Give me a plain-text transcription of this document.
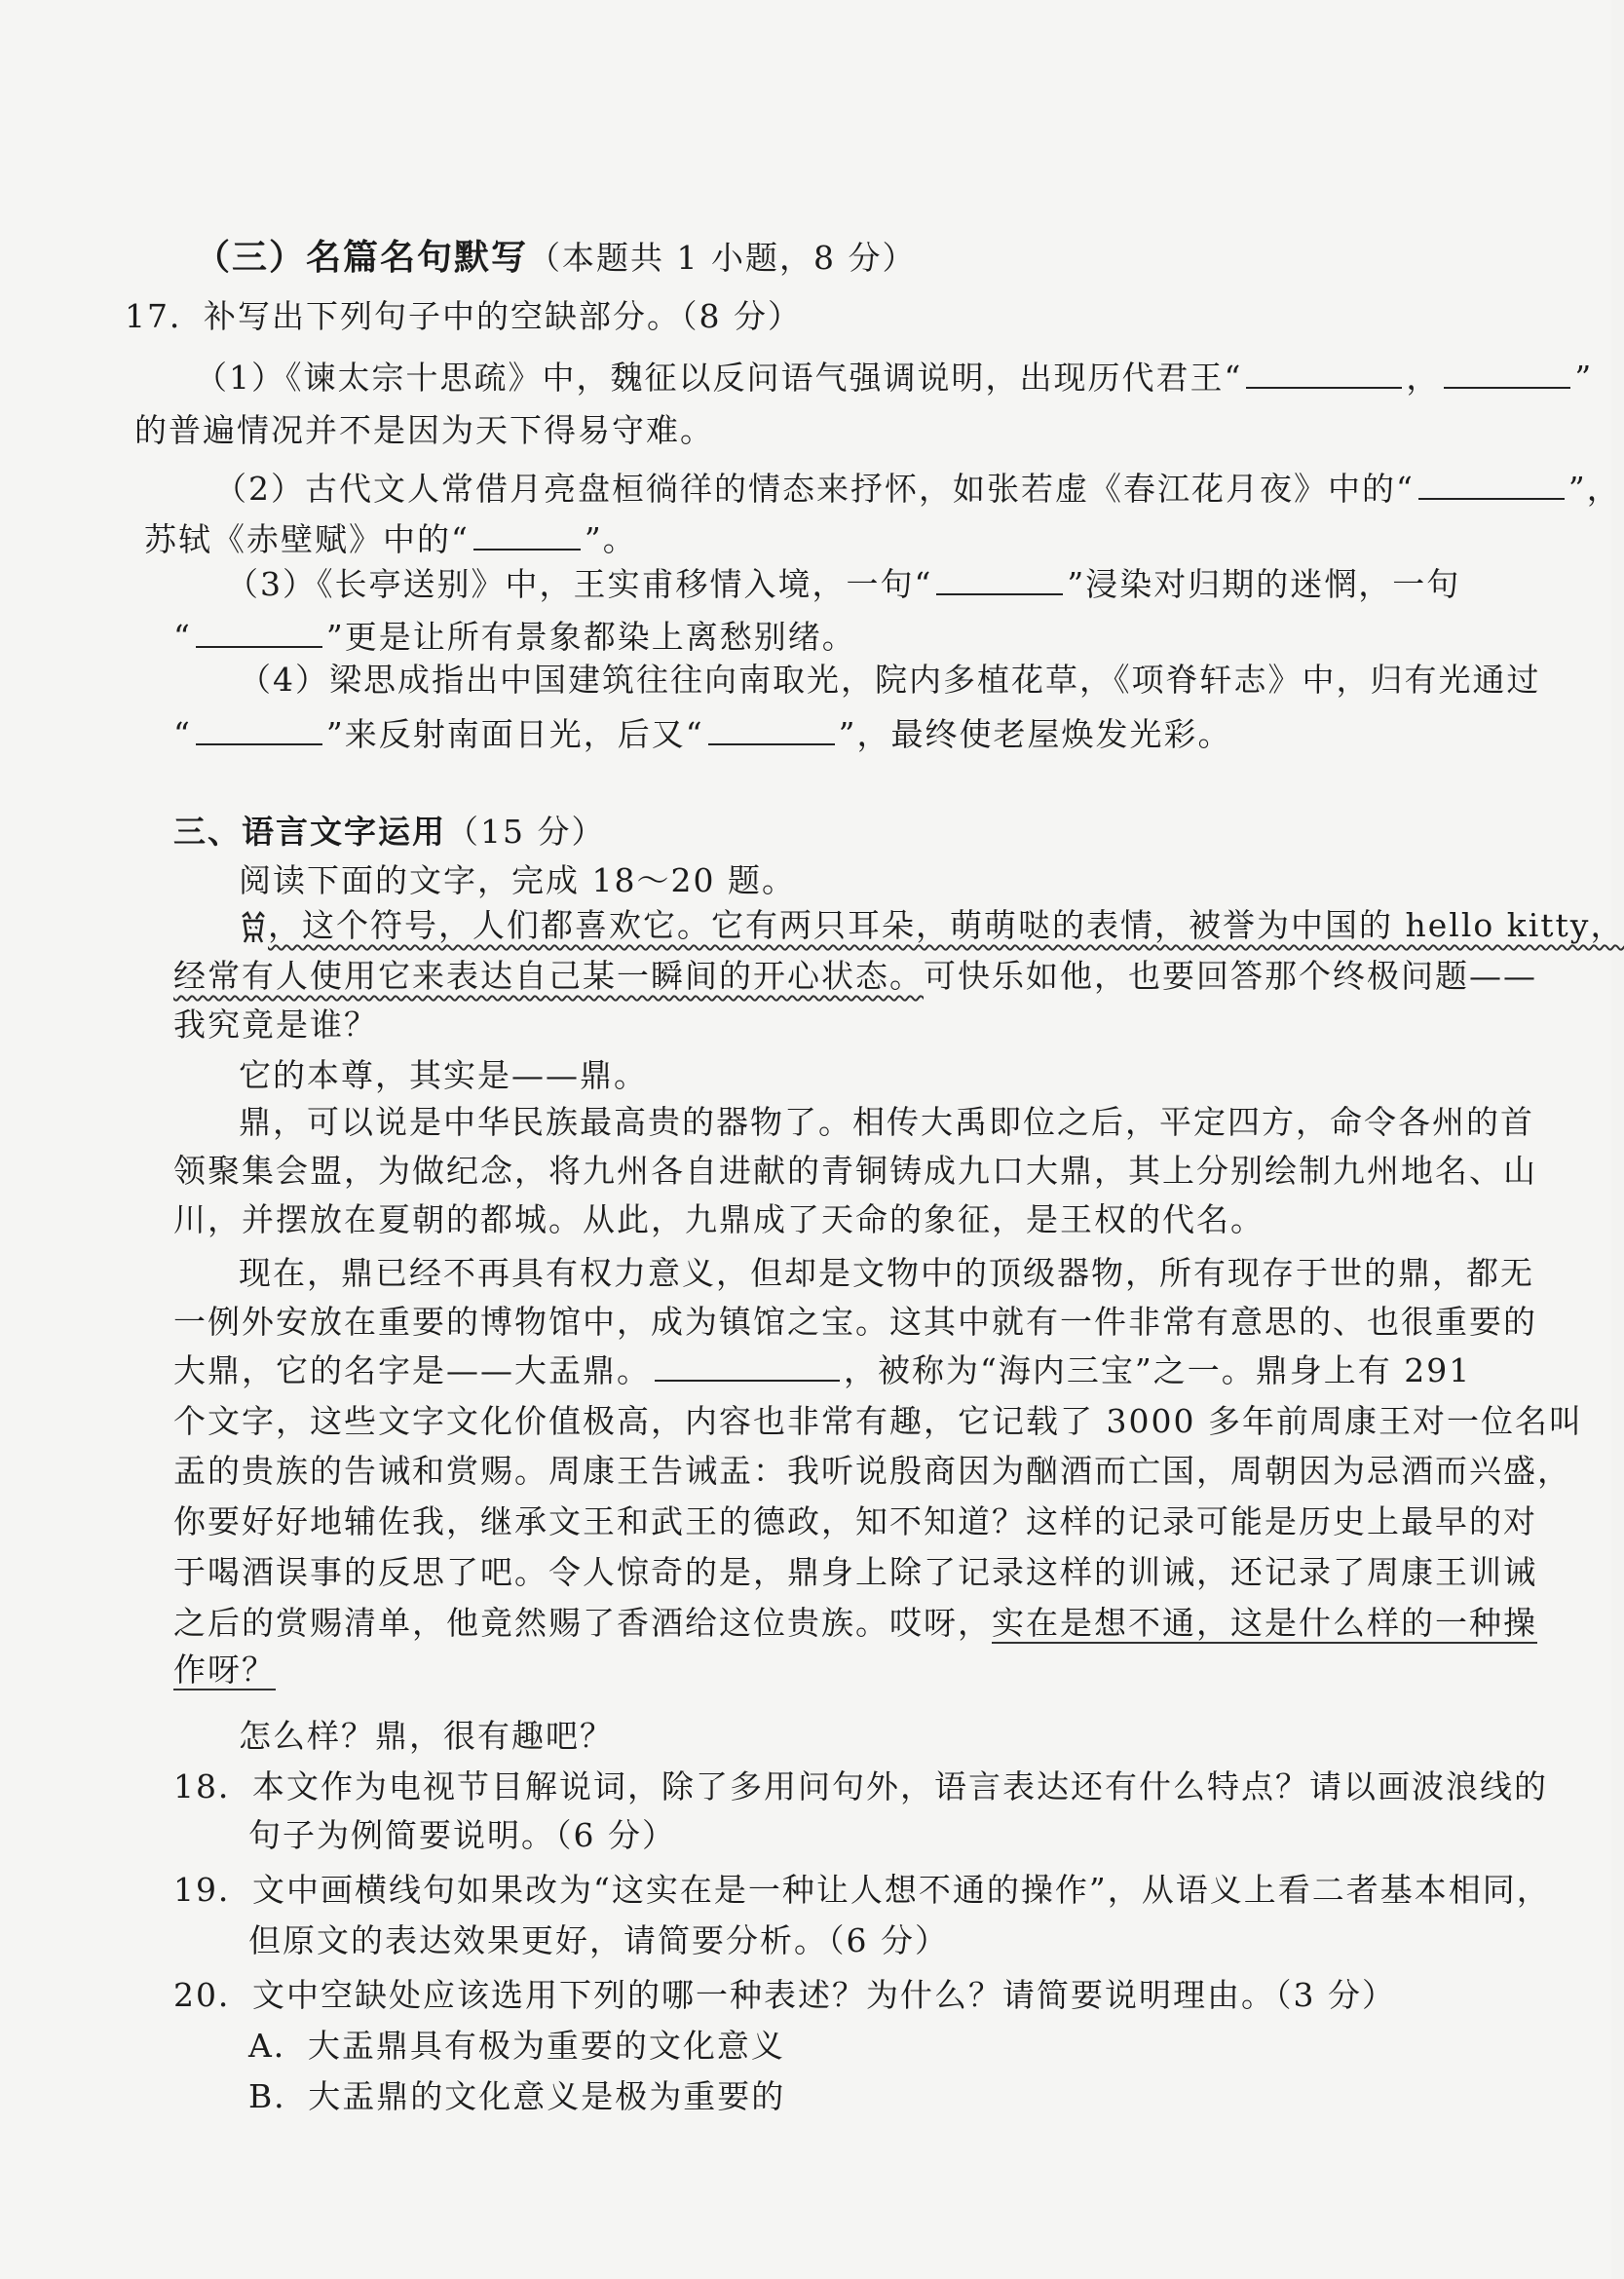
（三）名篇名句默写（本题共 1 小题，8 分）
17．补写出下列句子中的空缺部分。（8 分）
（1）《谏太宗十思疏》中，魏征以反问语气强调说明，出现历代君王“	，	”
的普遍情况并不是因为天下得易守难。
（2）古代文人常借月亮盘桓徜徉的情态来抒怀，如张若虚《春江花月夜》中的“	”，
苏轼《赤壁赋》中的“	”。
（3）《长亭送别》中，王实甫移情入境，一句“	”浸染对归期的迷惘，一句
“	”更是让所有景象都染上离愁别绪。
（4）梁思成指出中国建筑往往向南取光，院内多植花草，《项脊轩志》中，归有光通过
“	”来反射南面日光，后又“	”，最终使老屋焕发光彩。
三、语言文字运用（15 分）
阅读下面的文字，完成 18～20 题。
，这个符号，人们都喜欢它。它有两只耳朵，萌萌哒的表情，被誉为中国的 hello kitty，
经常有人使用它来表达自己某一瞬间的开心状态。可快乐如他，也要回答那个终极问题——
我究竟是谁？
它的本尊，其实是——鼎。
鼎，可以说是中华民族最高贵的器物了。相传大禹即位之后，平定四方，命令各州的首
领聚集会盟，为做纪念，将九州各自进献的青铜铸成九口大鼎，其上分别绘制九州地名、山
川，并摆放在夏朝的都城。从此，九鼎成了天命的象征，是王权的代名。
现在，鼎已经不再具有权力意义，但却是文物中的顶级器物，所有现存于世的鼎，都无
一例外安放在重要的博物馆中，成为镇馆之宝。这其中就有一件非常有意思的、也很重要的
大鼎，它的名字是——大盂鼎。	，被称为“海内三宝”之一。鼎身上有 291
个文字，这些文字文化价值极高，内容也非常有趣，它记载了 3000 多年前周康王对一位名叫
盂的贵族的告诫和赏赐。周康王告诫盂：我听说殷商因为酗酒而亡国，周朝因为忌酒而兴盛，
你要好好地辅佐我，继承文王和武王的德政，知不知道？这样的记录可能是历史上最早的对
于喝酒误事的反思了吧。令人惊奇的是，鼎身上除了记录这样的训诫，还记录了周康王训诫
之后的赏赐清单，他竟然赐了香酒给这位贵族。哎呀，实在是想不通，这是什么样的一种操
作呀？
怎么样？鼎，很有趣吧？
18．本文作为电视节目解说词，除了多用问句外，语言表达还有什么特点？请以画波浪线的
句子为例简要说明。（6 分）
19．文中画横线句如果改为“这实在是一种让人想不通的操作”，从语义上看二者基本相同，
但原文的表达效果更好，请简要分析。（6 分）
20．文中空缺处应该选用下列的哪一种表述？为什么？请简要说明理由。（3 分）
A．大盂鼎具有极为重要的文化意义
B．大盂鼎的文化意义是极为重要的
